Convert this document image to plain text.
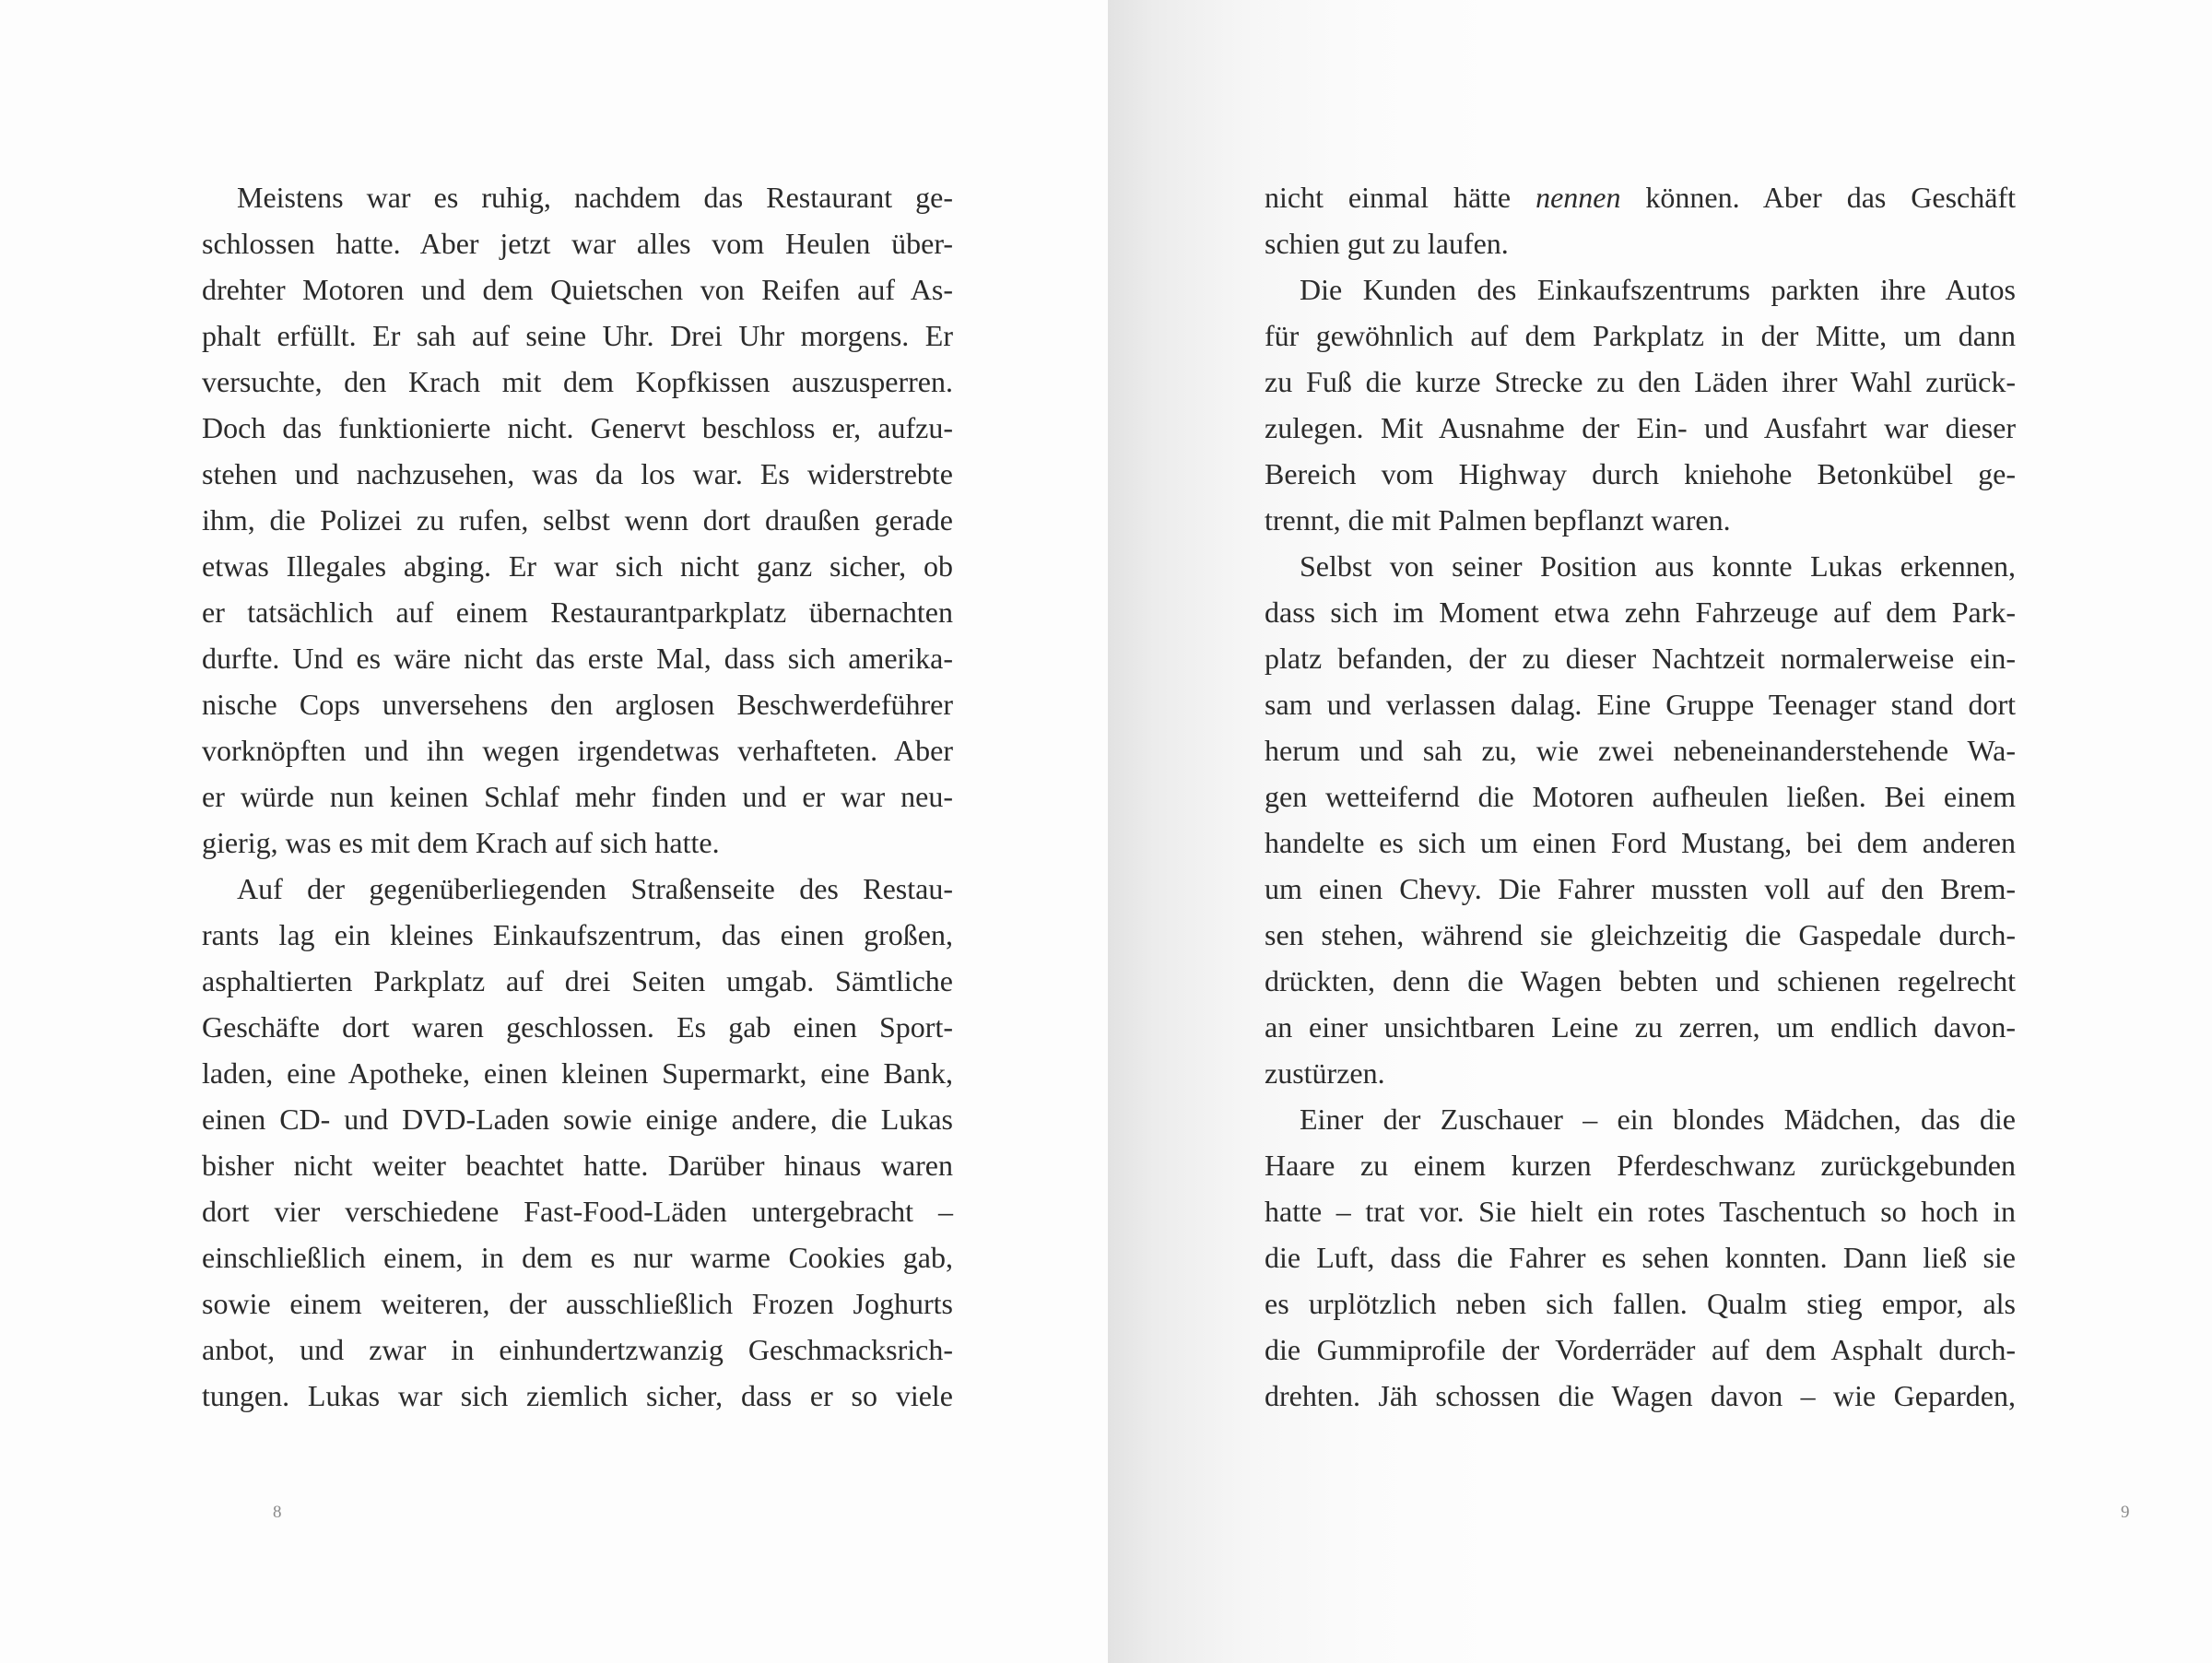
Meistens war es ruhig, nachdem das Restaurant ge-
schlossen hatte. Aber jetzt war alles vom Heulen über-
drehter Motoren und dem Quietschen von Reifen auf As-
phalt erfüllt. Er sah auf seine Uhr. Drei Uhr morgens. Er
versuchte, den Krach mit dem Kopfkissen auszusperren.
Doch das funktionierte nicht. Genervt beschloss er, aufzu-
stehen und nachzusehen, was da los war. Es widerstrebte
ihm, die Polizei zu rufen, selbst wenn dort draußen gerade
etwas Illegales abging. Er war sich nicht ganz sicher, ob
er tatsächlich auf einem Restaurantparkplatz übernachten
durfte. Und es wäre nicht das erste Mal, dass sich amerika-
nische Cops unversehens den arglosen Beschwerdeführer
vorknöpften und ihn wegen irgendetwas verhafteten. Aber
er würde nun keinen Schlaf mehr finden und er war neu-
gierig, was es mit dem Krach auf sich hatte.
Auf der gegenüberliegenden Straßenseite des Restau-
rants lag ein kleines Einkaufszentrum, das einen großen,
asphaltierten Parkplatz auf drei Seiten umgab. Sämtliche
Geschäfte dort waren geschlossen. Es gab einen Sport-
laden, eine Apotheke, einen kleinen Supermarkt, eine Bank,
einen CD- und DVD-Laden sowie einige andere, die Lukas
bisher nicht weiter beachtet hatte. Darüber hinaus waren
dort vier verschiedene Fast-Food-Läden untergebracht –
einschließlich einem, in dem es nur warme Cookies gab,
sowie einem weiteren, der ausschließlich Frozen Joghurts
anbot, und zwar in einhundertzwanzig Geschmacksrich-
tungen. Lukas war sich ziemlich sicher, dass er so viele
8
nicht einmal hätte nennen können. Aber das Geschäft
schien gut zu laufen.
Die Kunden des Einkaufszentrums parkten ihre Autos
für gewöhnlich auf dem Parkplatz in der Mitte, um dann
zu Fuß die kurze Strecke zu den Läden ihrer Wahl zurück-
zulegen. Mit Ausnahme der Ein- und Ausfahrt war dieser
Bereich vom Highway durch kniehohe Betonkübel ge-
trennt, die mit Palmen bepflanzt waren.
Selbst von seiner Position aus konnte Lukas erkennen,
dass sich im Moment etwa zehn Fahrzeuge auf dem Park-
platz befanden, der zu dieser Nachtzeit normalerweise ein-
sam und verlassen dalag. Eine Gruppe Teenager stand dort
herum und sah zu, wie zwei nebeneinanderstehende Wa-
gen wetteifernd die Motoren aufheulen ließen. Bei einem
handelte es sich um einen Ford Mustang, bei dem anderen
um einen Chevy. Die Fahrer mussten voll auf den Brem-
sen stehen, während sie gleichzeitig die Gaspedale durch-
drückten, denn die Wagen bebten und schienen regelrecht
an einer unsichtbaren Leine zu zerren, um endlich davon-
zustürzen.
Einer der Zuschauer – ein blondes Mädchen, das die
Haare zu einem kurzen Pferdeschwanz zurückgebunden
hatte – trat vor. Sie hielt ein rotes Taschentuch so hoch in
die Luft, dass die Fahrer es sehen konnten. Dann ließ sie
es urplötzlich neben sich fallen. Qualm stieg empor, als
die Gummiprofile der Vorderräder auf dem Asphalt durch-
drehten. Jäh schossen die Wagen davon – wie Geparden,
9
